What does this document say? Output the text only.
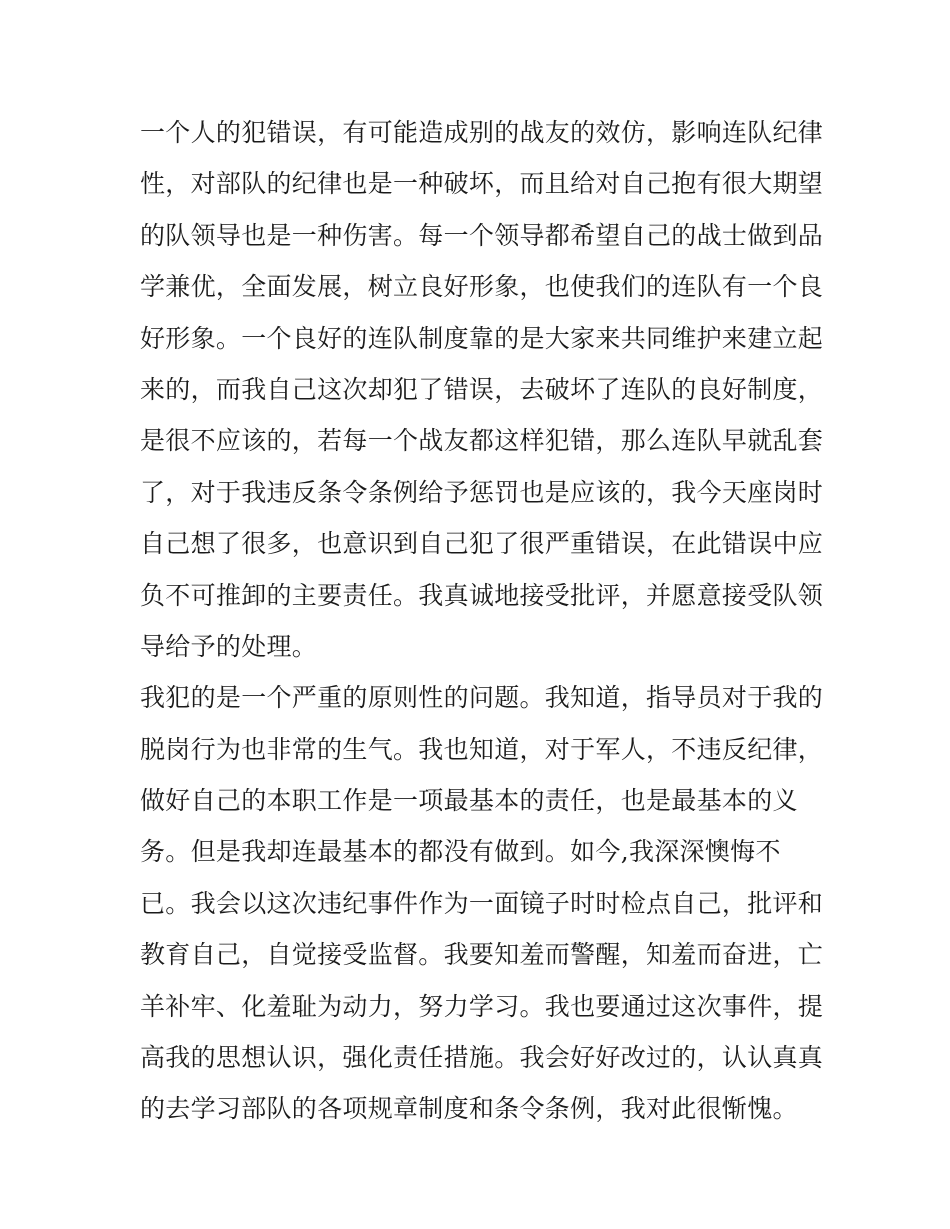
一个人的犯错误，有可能造成别的战友的效仿，影响连队纪律
性，对部队的纪律也是一种破坏，而且给对自己抱有很大期望
的队领导也是一种伤害。每一个领导都希望自己的战士做到品
学兼优，全面发展，树立良好形象，也使我们的连队有一个良
好形象。一个良好的连队制度靠的是大家来共同维护来建立起
来的，而我自己这次却犯了错误，去破坏了连队的良好制度，
是很不应该的，若每一个战友都这样犯错，那么连队早就乱套
了，对于我违反条令条例给予惩罚也是应该的，我今天座岗时
自己想了很多，也意识到自己犯了很严重错误，在此错误中应
负不可推卸的主要责任。我真诚地接受批评，并愿意接受队领
导给予的处理。
我犯的是一个严重的原则性的问题。我知道，指导员对于我的
脱岗行为也非常的生气。我也知道，对于军人，不违反纪律，
做好自己的本职工作是一项最基本的责任，也是最基本的义
务。但是我却连最基本的都没有做到。如今,我深深懊悔不
已。我会以这次违纪事件作为一面镜子时时检点自己，批评和
教育自己，自觉接受监督。我要知羞而警醒，知羞而奋进，亡
羊补牢、化羞耻为动力，努力学习。我也要通过这次事件，提
高我的思想认识，强化责任措施。我会好好改过的，认认真真
的去学习部队的各项规章制度和条令条例，我对此很惭愧。
